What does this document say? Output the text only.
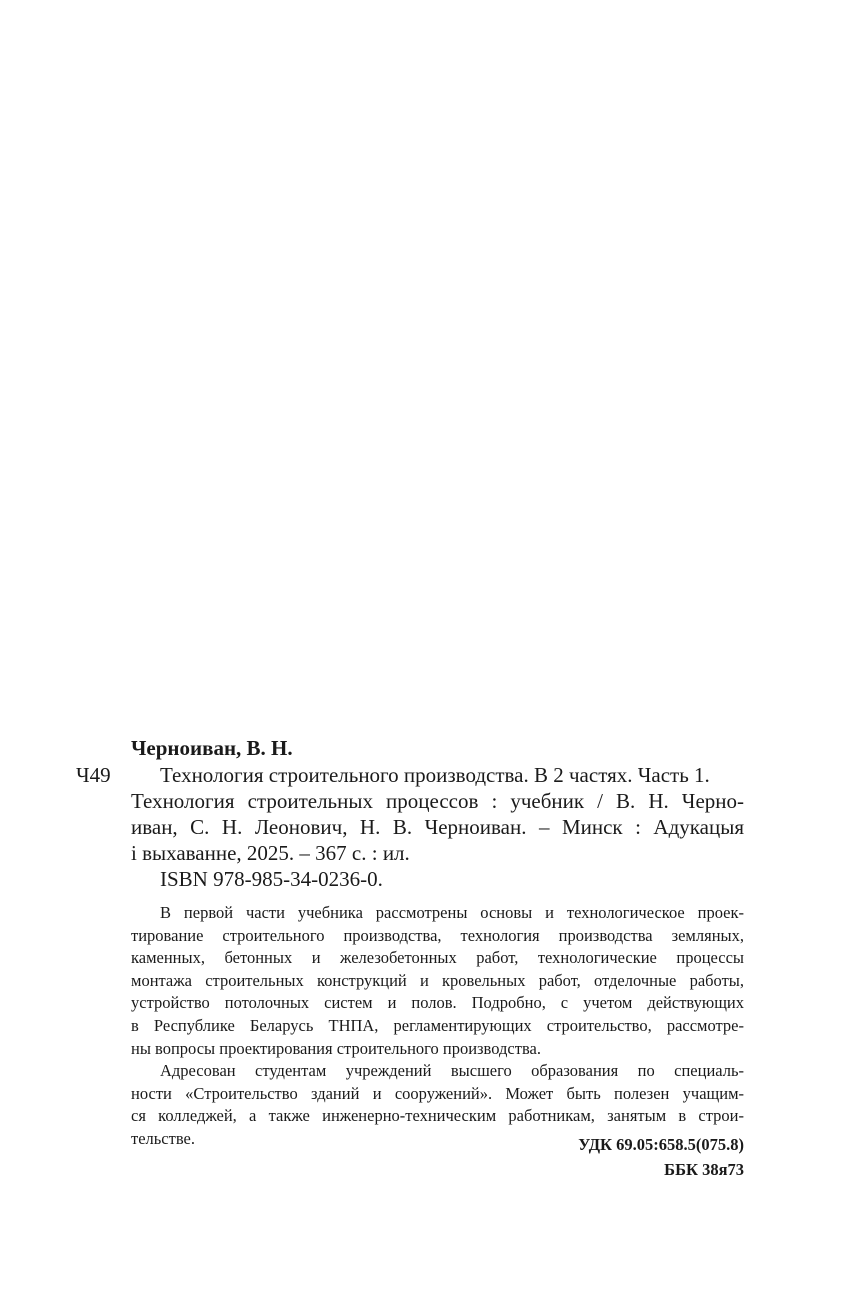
Черноиван, В. Н.
Ч49	Технология строительного производства. В 2 частях. Часть 1.
Технология строительных процессов : учебник / В. Н. Черно-
иван, С. Н. Леонович, Н. В. Черноиван. – Минск : Адукацыя
і выхаванне, 2025. – 367 с. : ил.
ISBN 978-985-34-0236-0.
В первой части учебника рассмотрены основы и технологическое проек-
тирование строительного производства, технология производства земляных,
каменных, бетонных и железобетонных работ, технологические процессы
монтажа строительных конструкций и кровельных работ, отделочные работы,
устройство потолочных систем и полов. Подробно, с учетом действующих
в Республике Беларусь ТНПА, регламентирующих строительство, рассмотре-
ны вопросы проектирования строительного производства.
Адресован студентам учреждений высшего образования по специаль-
ности «Строительство зданий и сооружений». Может быть полезен учащим-
ся колледжей, а также инженерно-техническим работникам, занятым в строи-
тельстве.	УДК 69.05:658.5(075.8)
ББК 38я73
